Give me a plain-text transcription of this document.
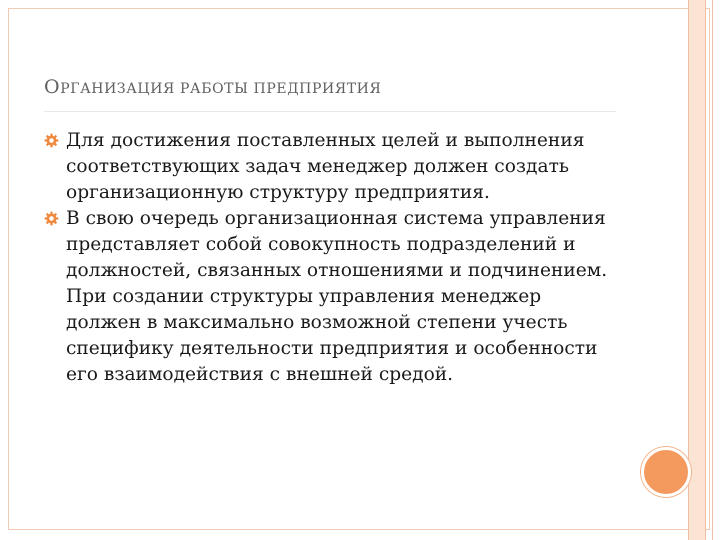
ОРГАНИЗАЦИЯ РАБОТЫ ПРЕДПРИЯТИЯ
Для достижения поставленных целей и выполнения соответствующих задач менеджер должен создать организационную структуру предприятия.
В свою очередь организационная система управления представляет собой совокупность подразделений и должностей, связанных отношениями и подчинением. При создании структуры управления менеджер должен в максимально возможной степени учесть специфику деятельности предприятия и особенности его взаимодействия с внешней средой.
